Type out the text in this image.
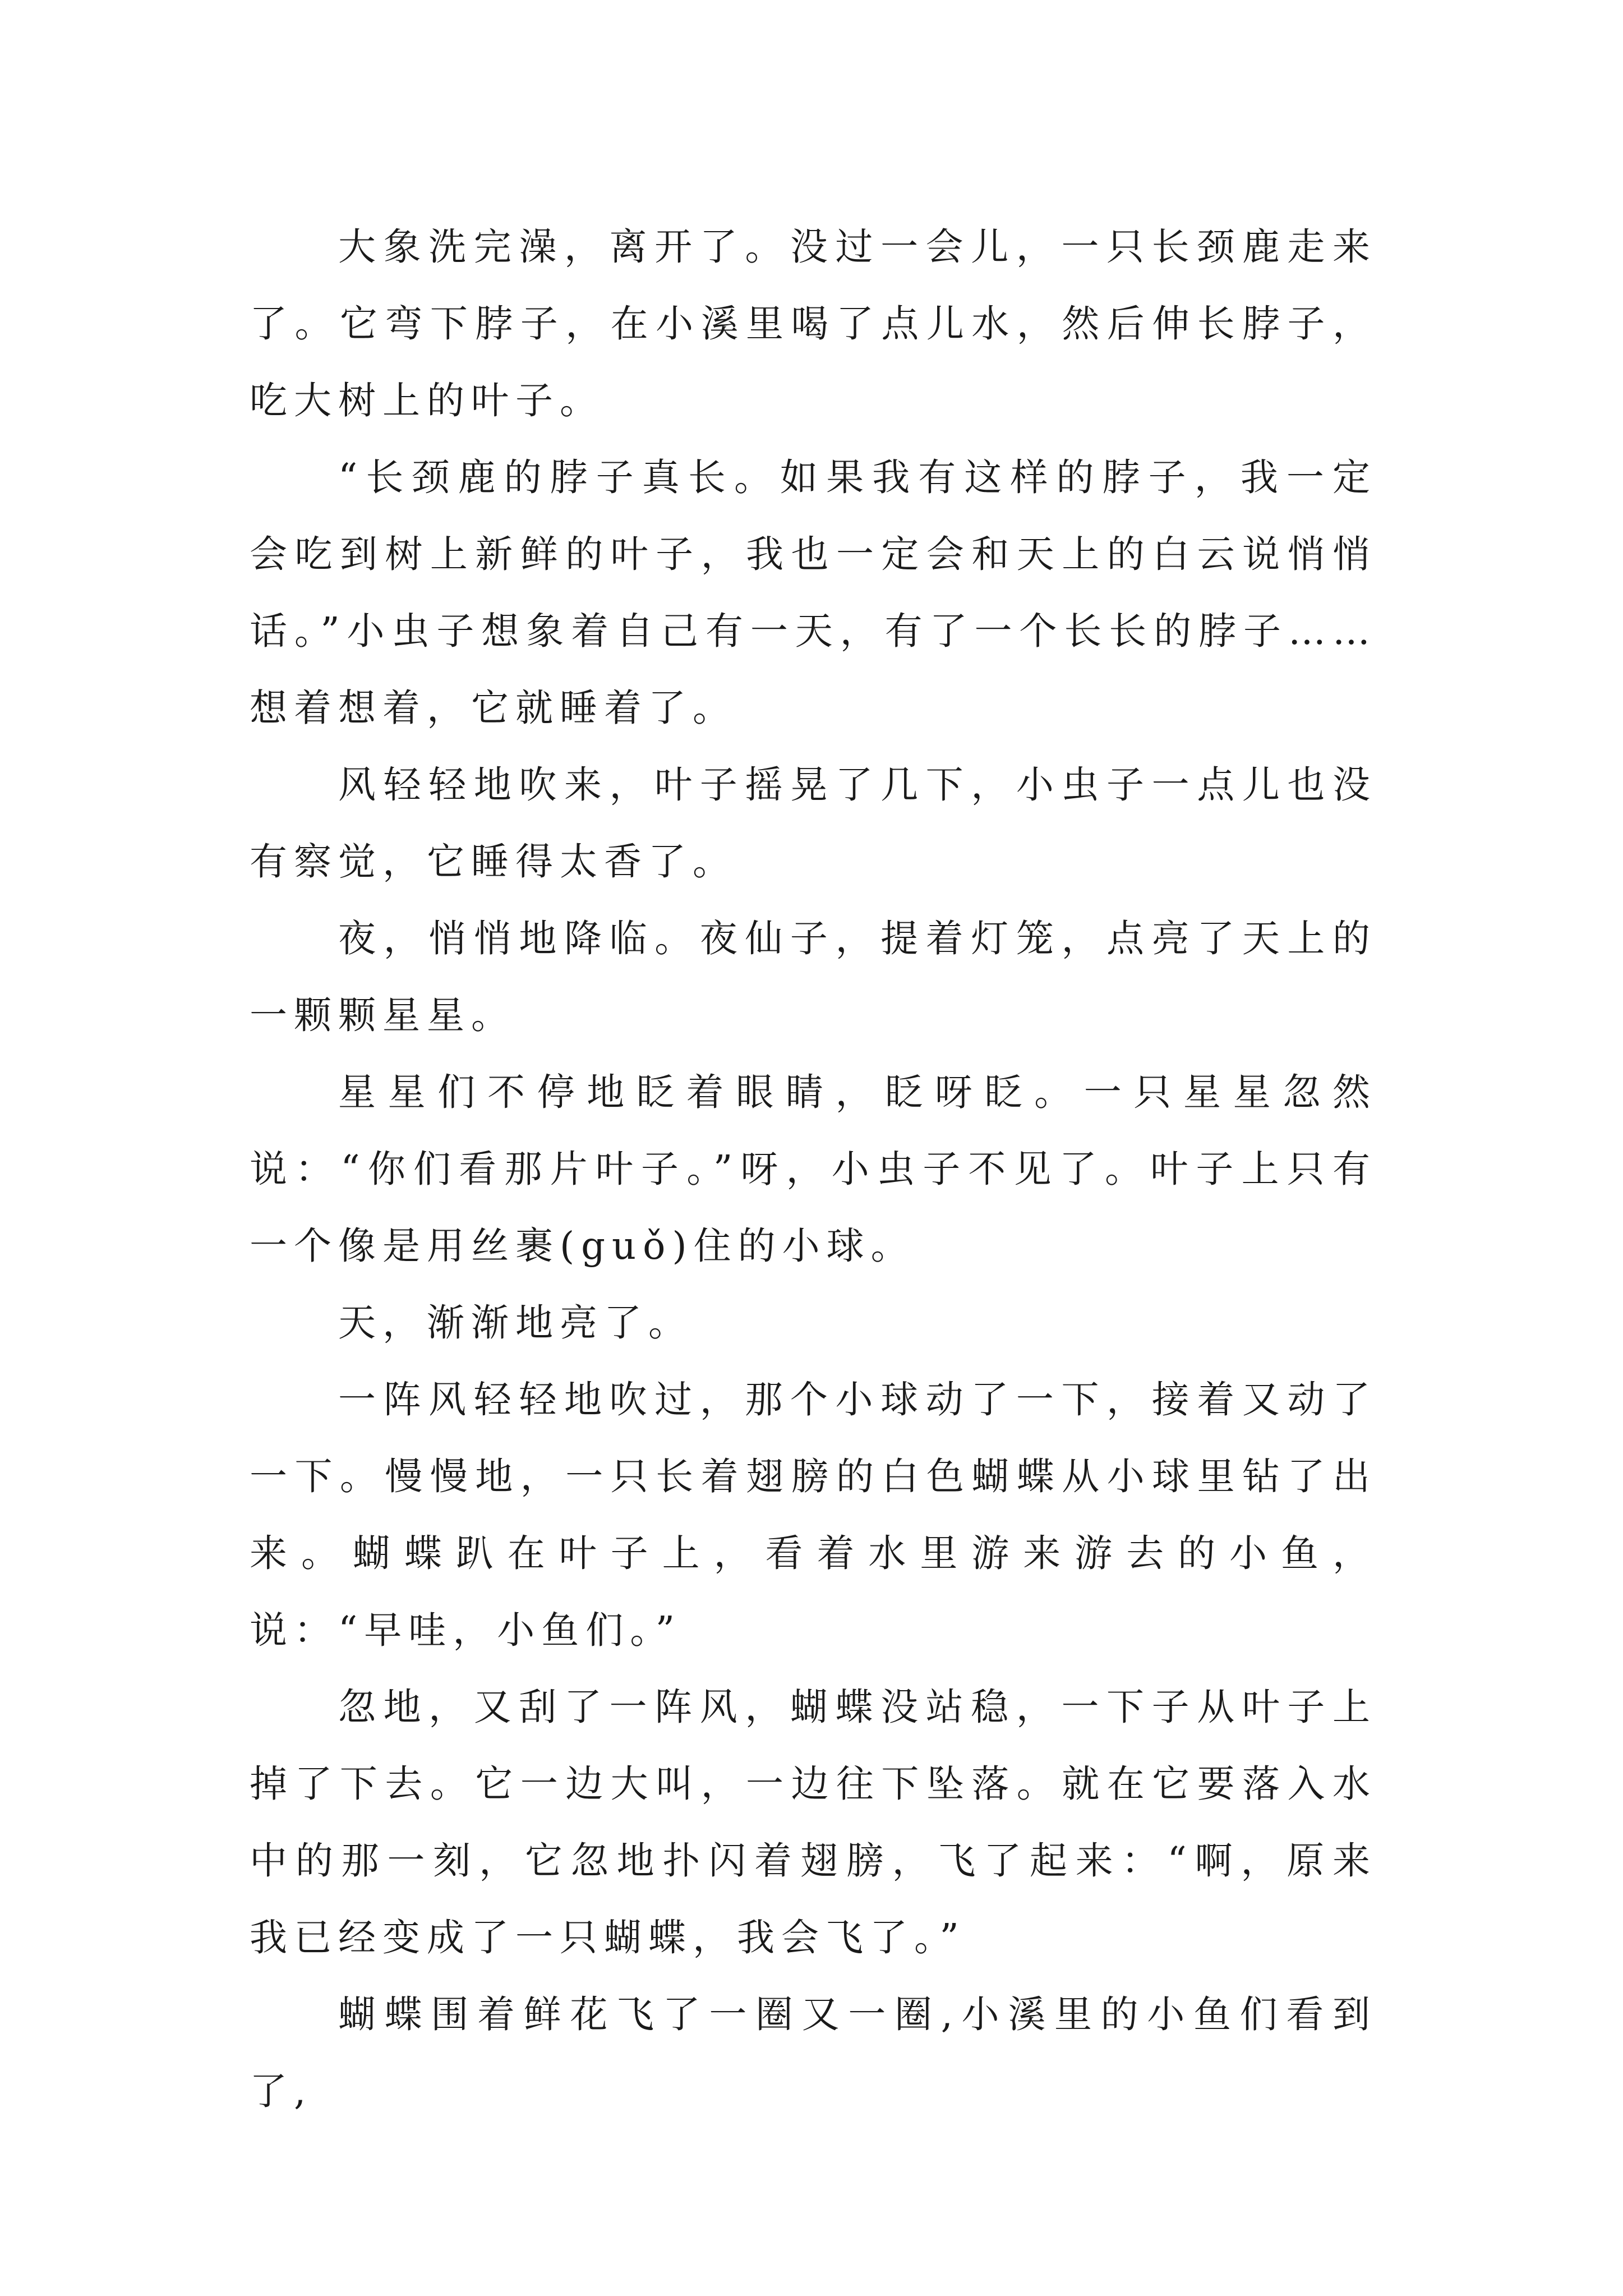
大象洗完澡，离开了。没过一会儿，一只长颈鹿走来了。它弯下脖子，在小溪里喝了点儿水，然后伸长脖子，吃大树上的叶子。

“长颈鹿的脖子真长。如果我有这样的脖子，我一定会吃到树上新鲜的叶子，我也一定会和天上的白云说悄悄话。”小虫子想象着自己有一天，有了一个长长的脖子……想着想着，它就睡着了。

风轻轻地吹来，叶子摇晃了几下，小虫子一点儿也没有察觉，它睡得太香了。

夜，悄悄地降临。夜仙子，提着灯笼，点亮了天上的一颗颗星星。

星星们不停地眨着眼睛，眨呀眨。一只星星忽然说：“你们看那片叶子。”呀，小虫子不见了。叶子上只有一个像是用丝裹(guǒ)住的小球。

天，渐渐地亮了。

一阵风轻轻地吹过，那个小球动了一下，接着又动了一下。慢慢地，一只长着翅膀的白色蝴蝶从小球里钻了出来。蝴蝶趴在叶子上，看着水里游来游去的小鱼，说：“早哇，小鱼们。”

忽地，又刮了一阵风，蝴蝶没站稳，一下子从叶子上掉了下去。它一边大叫，一边往下坠落。就在它要落入水中的那一刻，它忽地扑闪着翅膀，飞了起来：“啊，原来我已经变成了一只蝴蝶，我会飞了。”

蝴蝶围着鲜花飞了一圈又一圈,小溪里的小鱼们看到了,
